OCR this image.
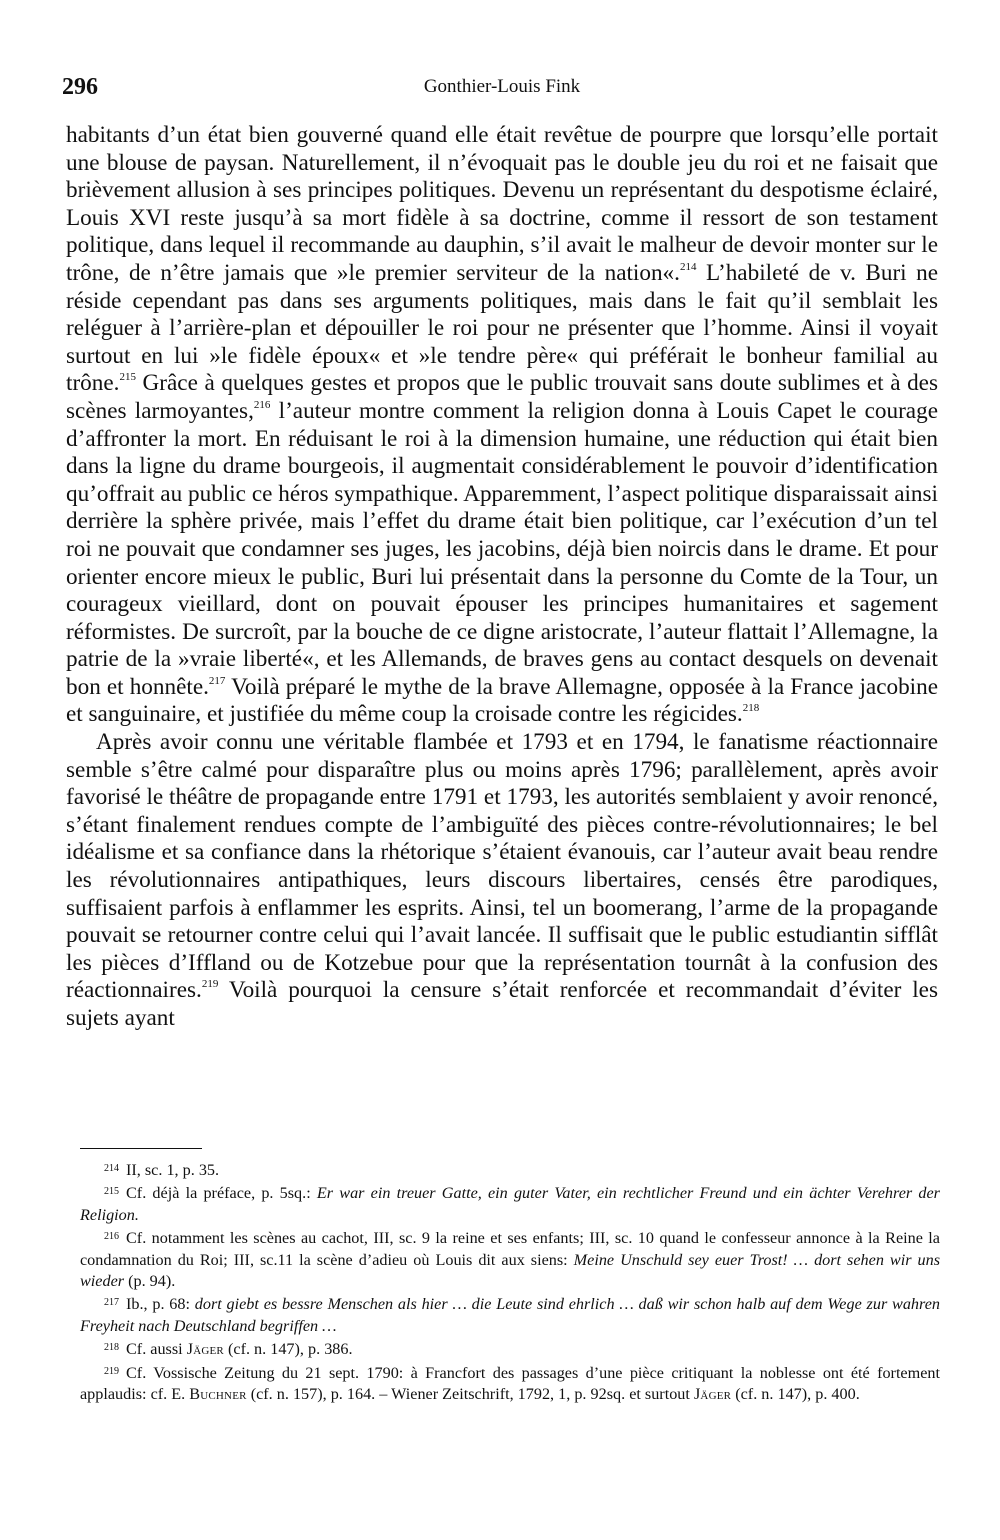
296	Gonthier-Louis Fink

habitants d’un état bien gouverné quand elle était revêtue de pourpre que lorsqu’elle portait une blouse de paysan. Naturellement, il n’évoquait pas le double jeu du roi et ne faisait que brièvement allusion à ses principes politiques. Devenu un représentant du despotisme éclairé, Louis XVI reste jusqu’à sa mort fidèle à sa doctrine, comme il ressort de son testament politique, dans lequel il recommande au dauphin, s’il avait le malheur de devoir monter sur le trône, de n’être jamais que »le premier serviteur de la nation«.$^{214}$ L’habileté de v. Buri ne réside cependant pas dans ses arguments politiques, mais dans le fait qu’il semblait les reléguer à l’arrière-plan et dépouiller le roi pour ne présenter que l’homme. Ainsi il voyait surtout en lui »le fidèle époux« et »le tendre père« qui préférait le bonheur familial au trône.$^{215}$ Grâce à quelques gestes et propos que le public trouvait sans doute sublimes et à des scènes larmoyantes,$^{216}$ l’auteur montre comment la religion donna à Louis Capet le courage d’affronter la mort. En réduisant le roi à la dimension humaine, une réduction qui était bien dans la ligne du drame bourgeois, il augmentait considérablement le pouvoir d’identification qu’offrait au public ce héros sympathique. Apparemment, l’aspect politique disparaissait ainsi derrière la sphère privée, mais l’effet du drame était bien politique, car l’exécution d’un tel roi ne pouvait que condamner ses juges, les jacobins, déjà bien noircis dans le drame. Et pour orienter encore mieux le public, Buri lui présentait dans la personne du Comte de la Tour, un courageux vieillard, dont on pouvait épouser les principes humanitaires et sagement réformistes. De surcroît, par la bouche de ce digne aristocrate, l’auteur flattait l’Allemagne, la patrie de la »vraie liberté«, et les Allemands, de braves gens au contact desquels on devenait bon et honnête.$^{217}$ Voilà préparé le mythe de la brave Allemagne, opposée à la France jacobine et sanguinaire, et justifiée du même coup la croisade contre les régicides.$^{218}$

Après avoir connu une véritable flambée et 1793 et en 1794, le fanatisme réactionnaire semble s’être calmé pour disparaître plus ou moins après 1796; parallèlement, après avoir favorisé le théâtre de propagande entre 1791 et 1793, les autorités semblaient y avoir renoncé, s’étant finalement rendues compte de l’ambiguïté des pièces contre-révolutionnaires; le bel idéalisme et sa confiance dans la rhétorique s’étaient évanouis, car l’auteur avait beau rendre les révolutionnaires antipathiques, leurs discours libertaires, censés être parodiques, suffisaient parfois à enflammer les esprits. Ainsi, tel un boomerang, l’arme de la propagande pouvait se retourner contre celui qui l’avait lancée. Il suffisait que le public estudiantin sifflât les pièces d’Iffland ou de Kotzebue pour que la représentation tournât à la confusion des réactionnaires.$^{219}$ Voilà pourquoi la censure s’était renforcée et recommandait d’éviter les sujets ayant

$^{214}$ II, sc. 1, p. 35.

$^{215}$ Cf. déjà la préface, p. 5sq.: Er war ein treuer Gatte, ein guter Vater, ein rechtlicher Freund und ein ächter Verehrer der Religion.

$^{216}$ Cf. notamment les scènes au cachot, III, sc. 9 la reine et ses enfants; III, sc. 10 quand le confesseur annonce à la Reine la condamnation du Roi; III, sc.11 la scène d’adieu où Louis dit aux siens: Meine Unschuld sey euer Trost! … dort sehen wir uns wieder (p. 94).

$^{217}$ Ib., p. 68: dort giebt es bessre Menschen als hier … die Leute sind ehrlich … daß wir schon halb auf dem Wege zur wahren Freyheit nach Deutschland begriffen …

$^{218}$ Cf. aussi Jäger (cf. n. 147), p. 386.

$^{219}$ Cf. Vossische Zeitung du 21 sept. 1790: à Francfort des passages d’une pièce critiquant la noblesse ont été fortement applaudis: cf. E. Buchner (cf. n. 157), p. 164. – Wiener Zeitschrift, 1792, 1, p. 92sq. et surtout Jäger (cf. n. 147), p. 400.
